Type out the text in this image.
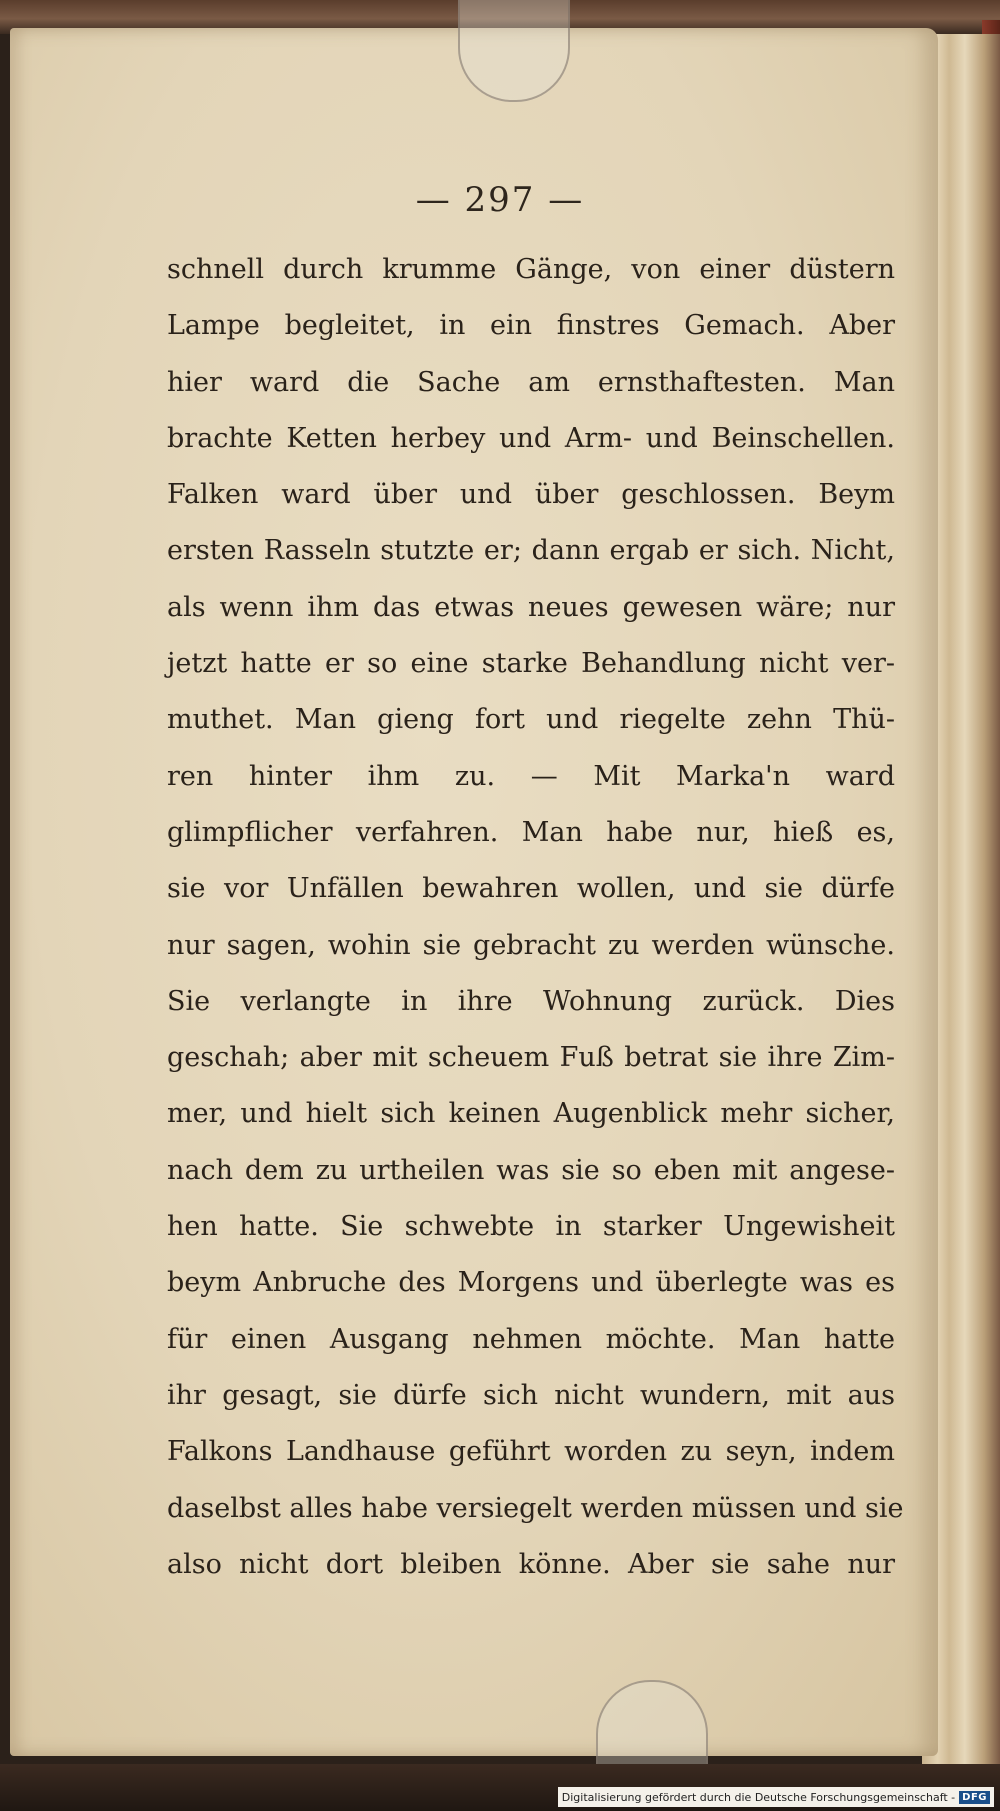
— 297 —
schnell durch krumme Gänge, von einer düstern
Lampe begleitet, in ein finstres Gemach. Aber
hier ward die Sache am ernsthaftesten. Man
brachte Ketten herbey und Arm- und Beinschellen.
Falken ward über und über geschlossen. Beym
ersten Rasseln stutzte er; dann ergab er sich. Nicht,
als wenn ihm das etwas neues gewesen wäre; nur
jetzt hatte er so eine starke Behandlung nicht ver-
muthet. Man gieng fort und riegelte zehn Thü-
ren hinter ihm zu. — Mit Marka'n ward
glimpflicher verfahren. Man habe nur, hieß es,
sie vor Unfällen bewahren wollen, und sie dürfe
nur sagen, wohin sie gebracht zu werden wünsche.
Sie verlangte in ihre Wohnung zurück. Dies
geschah; aber mit scheuem Fuß betrat sie ihre Zim-
mer, und hielt sich keinen Augenblick mehr sicher,
nach dem zu urtheilen was sie so eben mit angese-
hen hatte. Sie schwebte in starker Ungewisheit
beym Anbruche des Morgens und überlegte was es
für einen Ausgang nehmen möchte. Man hatte
ihr gesagt, sie dürfe sich nicht wundern, mit aus
Falkons Landhause geführt worden zu seyn, indem
daselbst alles habe versiegelt werden müssen und sie
also nicht dort bleiben könne. Aber sie sahe nur
Digitalisierung gefördert durch die Deutsche Forschungsgemeinschaft - DFG
